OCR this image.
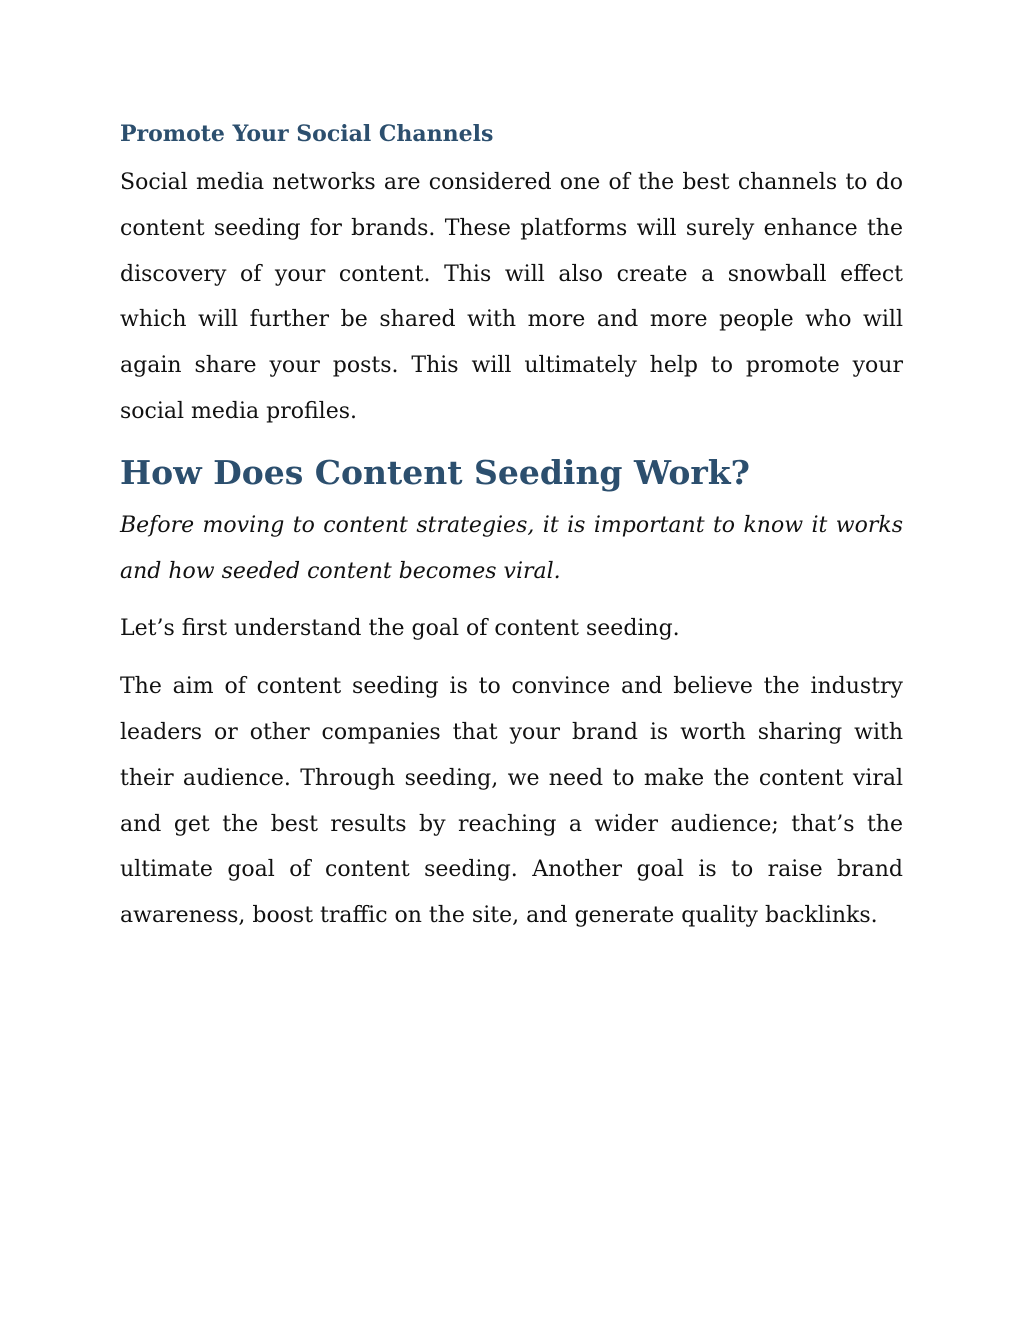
Promote Your Social Channels

Social media networks are considered one of the best channels to do content seeding for brands. These platforms will surely enhance the discovery of your content. This will also create a snowball effect which will further be shared with more and more people who will again share your posts. This will ultimately help to promote your social media profiles.

How Does Content Seeding Work?

Before moving to content strategies, it is important to know it works and how seeded content becomes viral.

Let’s first understand the goal of content seeding.

The aim of content seeding is to convince and believe the industry leaders or other companies that your brand is worth sharing with their audience. Through seeding, we need to make the content viral and get the best results by reaching a wider audience; that’s the ultimate goal of content seeding. Another goal is to raise brand awareness, boost traffic on the site, and generate quality backlinks.
